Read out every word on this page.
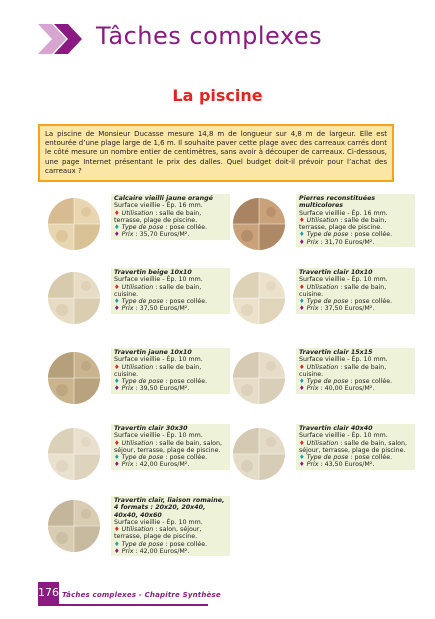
Tâches complexes
La piscine
La piscine de Monsieur Ducasse mesure 14,8 m de longueur sur 4,8 m de largeur. Elle est entourée d’une plage large de 1,6 m. Il souhaite paver cette plage avec des carreaux carrés dont le côté mesure un nombre entier de centimètres, sans avoir à découper de carreaux. Ci-dessous, une page Internet présentant le prix des dalles. Quel budget doit-il prévoir pour l’achat des carreaux ?
Calcaire vieilli jaune orangé
Surface vieillie - Ép. 16 mm.
♦ Utilisation : salle de bain, terrasse, plage de piscine.
♦ Type de pose : pose collée.
♦ Prix : 35,70 Euros/M².
Pierres reconstituées multicolores
Surface vieillie - Ép. 16 mm.
♦ Utilisation : salle de bain, terrasse, plage de piscine.
♦ Type de pose : pose collée.
♦ Prix : 31,70 Euros/M².
Travertin beige 10x10
Surface vieillie - Ép. 10 mm.
♦ Utilisation : salle de bain, cuisine.
♦ Type de pose : pose collée.
♦ Prix : 37,50 Euros/M².
Travertin clair 10x10
Surface vieillie - Ép. 10 mm.
♦ Utilisation : salle de bain, cuisine.
♦ Type de pose : pose collée.
♦ Prix : 37,50 Euros/M².
Travertin jaune 10x10
Surface vieillie - Ép. 10 mm.
♦ Utilisation : salle de bain, cuisine.
♦ Type de pose : pose collée.
♦ Prix : 39,50 Euros/M².
Travertin clair 15x15
Surface vieillie - Ép. 10 mm.
♦ Utilisation : salle de bain, cuisine.
♦ Type de pose : pose collée.
♦ Prix : 40,00 Euros/M².
Travertin clair 30x30
Surface vieillie - Ép. 10 mm.
♦ Utilisation : salle de bain, salon, séjour, terrasse, plage de piscine.
♦ Type de pose : pose collée.
♦ Prix : 42,00 Euros/M².
Travertin clair 40x40
Surface vieillie - Ép. 10 mm.
♦ Utilisation : salle de bain, salon, séjour, terrasse, plage de piscine.
♦ Type de pose : pose collée.
♦ Prix : 43,50 Euros/M².
Travertin clair, liaison romaine, 4 formats : 20x20, 20x40, 40x40, 40x60
Surface vieillie - Ép. 10 mm.
♦ Utilisation : salon, séjour, terrasse, plage de piscine.
♦ Type de pose : pose collée.
♦ Prix : 42,00 Euros/M².
176 Tâches complexes - Chapitre Synthèse
